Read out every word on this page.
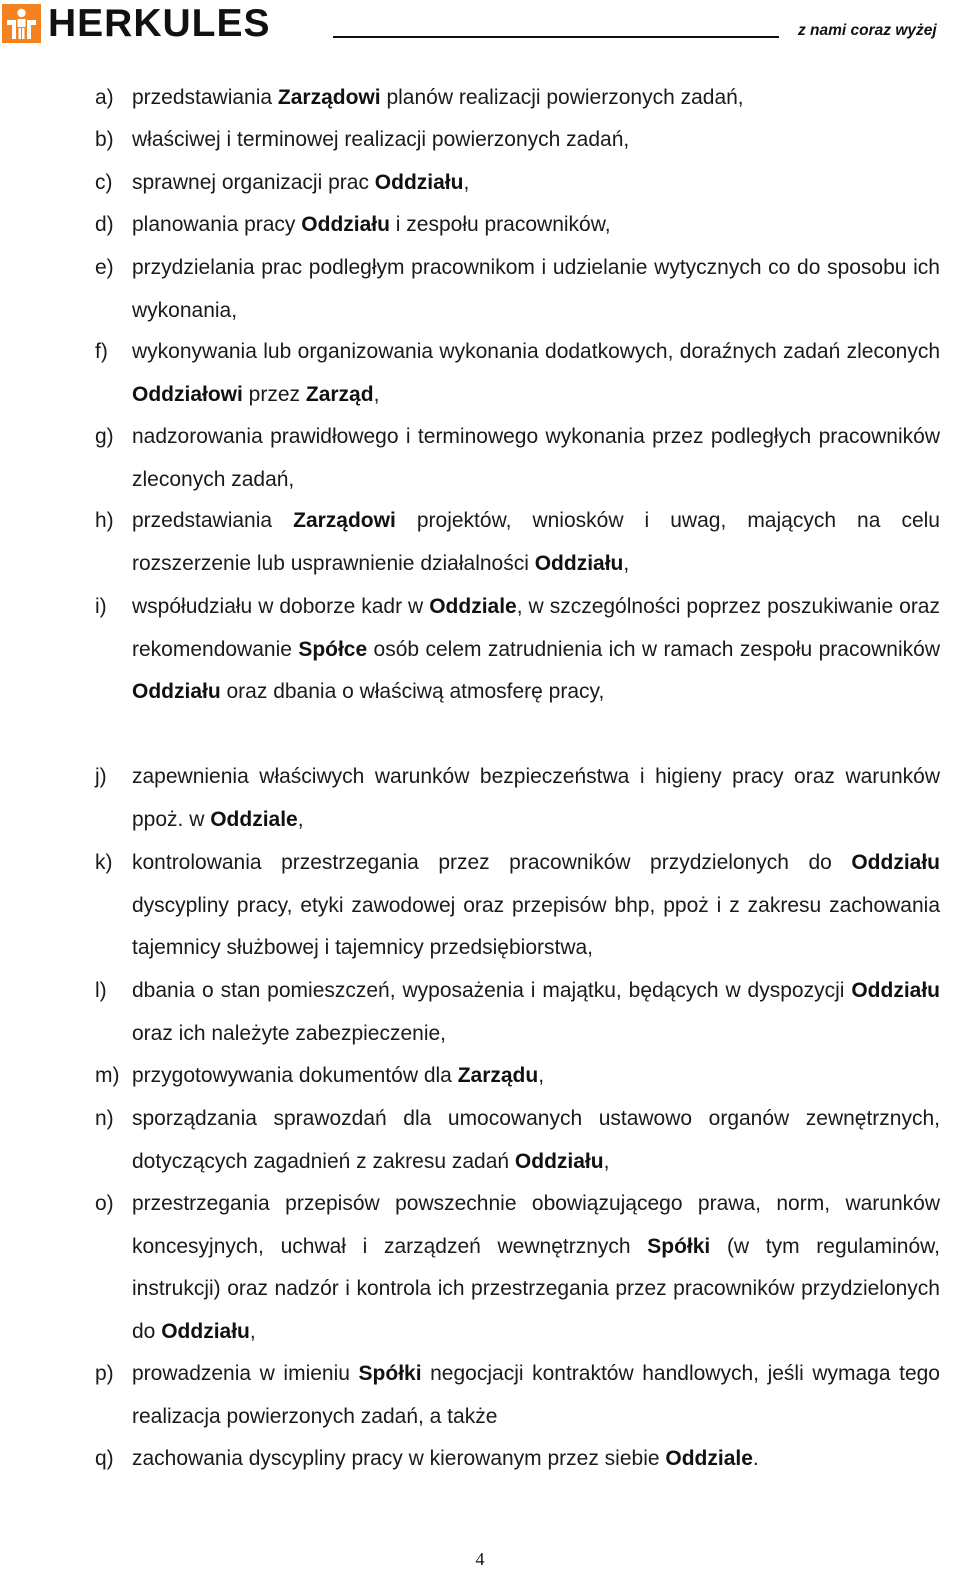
HERKULES	z nami coraz wyżej
a) przedstawiania Zarządowi planów realizacji powierzonych zadań,
b) właściwej i terminowej realizacji powierzonych zadań,
c) sprawnej organizacji prac Oddziału,
d) planowania pracy Oddziału i zespołu pracowników,
e) przydzielania prac podległym pracownikom i udzielanie wytycznych co do sposobu ich wykonania,
f) wykonywania lub organizowania wykonania dodatkowych, doraźnych zadań zleconych Oddziałowi przez Zarząd,
g) nadzorowania prawidłowego i terminowego wykonania przez podległych pracowników zleconych zadań,
h) przedstawiania Zarządowi projektów, wniosków i uwag, mających na celu rozszerzenie lub usprawnienie działalności Oddziału,
i) współudziału w doborze kadr w Oddziale, w szczególności poprzez poszukiwanie oraz rekomendowanie Spółce osób celem zatrudnienia ich w ramach zespołu pracowników Oddziału oraz dbania o właściwą atmosferę pracy,
j) zapewnienia właściwych warunków bezpieczeństwa i higieny pracy oraz warunków ppoż. w Oddziale,
k) kontrolowania przestrzegania przez pracowników przydzielonych do Oddziału dyscypliny pracy, etyki zawodowej oraz przepisów bhp, ppoż i z zakresu zachowania tajemnicy służbowej i tajemnicy przedsiębiorstwa,
l) dbania o stan pomieszczeń, wyposażenia i majątku, będących w dyspozycji Oddziału oraz ich należyte zabezpieczenie,
m) przygotowywania dokumentów dla Zarządu,
n) sporządzania sprawozdań dla umocowanych ustawowo organów zewnętrznych, dotyczących zagadnień z zakresu zadań Oddziału,
o) przestrzegania przepisów powszechnie obowiązującego prawa, norm, warunków koncesyjnych, uchwał i zarządzeń wewnętrznych Spółki (w tym regulaminów, instrukcji) oraz nadzór i kontrola ich przestrzegania przez pracowników przydzielonych do Oddziału,
p) prowadzenia w imieniu Spółki negocjacji kontraktów handlowych, jeśli wymaga tego realizacja powierzonych zadań, a także
q) zachowania dyscypliny pracy w kierowanym przez siebie Oddziale.
4
